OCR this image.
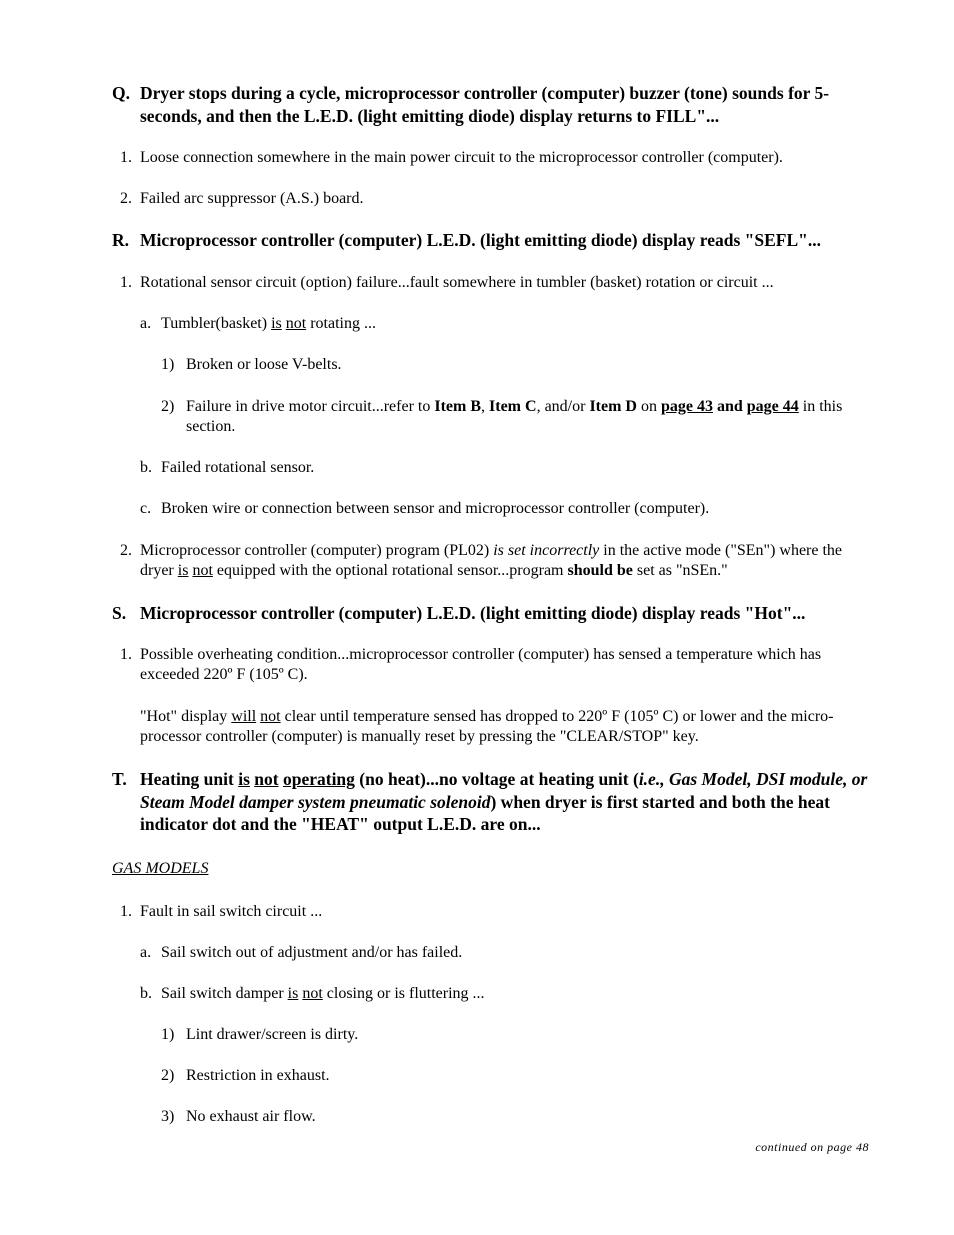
Q. Dryer stops during a cycle, microprocessor controller (computer) buzzer (tone) sounds for 5-seconds, and then the L.E.D. (light emitting diode) display returns to FILL"...
1. Loose connection somewhere in the main power circuit to the microprocessor controller (computer).
2. Failed arc suppressor (A.S.) board.
R. Microprocessor controller (computer) L.E.D. (light emitting diode) display reads "SEFL"...
1. Rotational sensor circuit (option) failure...fault somewhere in tumbler (basket) rotation or circuit ...
a. Tumbler(basket) is not rotating ...
1) Broken or loose V-belts.
2) Failure in drive motor circuit...refer to Item B, Item C, and/or Item D on page 43 and page 44 in this section.
b. Failed rotational sensor.
c. Broken wire or connection between sensor and microprocessor controller (computer).
2. Microprocessor controller (computer) program (PL02) is set incorrectly in the active mode ("SEn") where the dryer is not equipped with the optional rotational sensor...program should be set as "nSEn."
S. Microprocessor controller (computer) L.E.D. (light emitting diode) display reads "Hot"...
1. Possible overheating condition...microprocessor controller (computer) has sensed a temperature which has exceeded 220º F (105º C).
"Hot" display will not clear until temperature sensed has dropped to 220º F (105º C) or lower and the micro-processor controller (computer) is manually reset by pressing the "CLEAR/STOP" key.
T. Heating unit is not operating (no heat)...no voltage at heating unit (i.e., Gas Model, DSI module, or Steam Model damper system pneumatic solenoid) when dryer is first started and both the heat indicator dot and the "HEAT" output L.E.D. are on...
GAS MODELS
1. Fault in sail switch circuit ...
a. Sail switch out of adjustment and/or has failed.
b. Sail switch damper is not closing or is fluttering ...
1) Lint drawer/screen is dirty.
2) Restriction in exhaust.
3) No exhaust air flow.
continued on page 48
